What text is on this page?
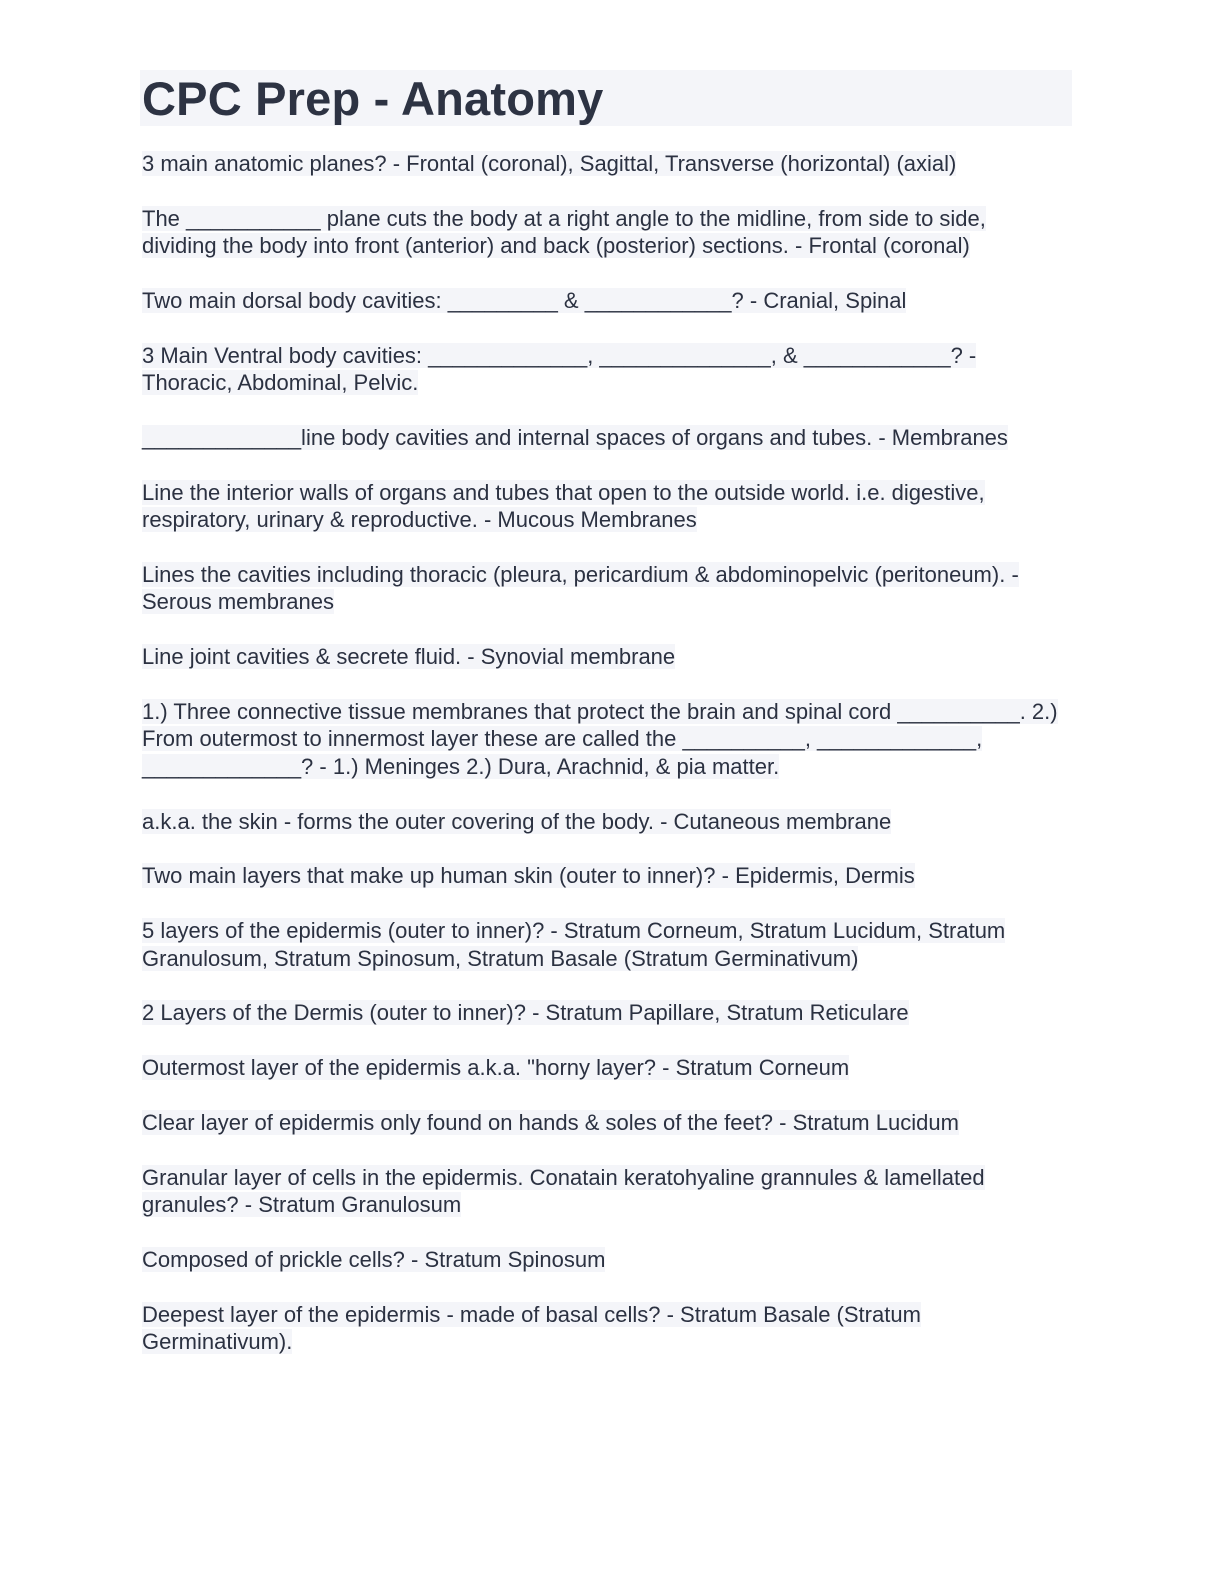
CPC Prep - Anatomy

3 main anatomic planes? - Frontal (coronal), Sagittal, Transverse (horizontal) (axial)

The ___________ plane cuts the body at a right angle to the midline, from side to side, dividing the body into front (anterior) and back (posterior) sections. - Frontal (coronal)

Two main dorsal body cavities: _________ & ____________? - Cranial, Spinal

3 Main Ventral body cavities: _____________, ______________, & ____________? - Thoracic, Abdominal, Pelvic.

_____________line body cavities and internal spaces of organs and tubes. - Membranes

Line the interior walls of organs and tubes that open to the outside world. i.e. digestive, respiratory, urinary & reproductive. - Mucous Membranes

Lines the cavities including thoracic (pleura, pericardium & abdominopelvic (peritoneum). - Serous membranes

Line joint cavities & secrete fluid. - Synovial membrane

1.) Three connective tissue membranes that protect the brain and spinal cord __________. 2.) From outermost to innermost layer these are called the __________, _____________, _____________? - 1.) Meninges 2.) Dura, Arachnid, & pia matter.

a.k.a. the skin - forms the outer covering of the body. - Cutaneous membrane

Two main layers that make up human skin (outer to inner)? - Epidermis, Dermis

5 layers of the epidermis (outer to inner)? - Stratum Corneum, Stratum Lucidum, Stratum Granulosum, Stratum Spinosum, Stratum Basale (Stratum Germinativum)

2 Layers of the Dermis (outer to inner)? - Stratum Papillare, Stratum Reticulare

Outermost layer of the epidermis a.k.a. "horny layer? - Stratum Corneum

Clear layer of epidermis only found on hands & soles of the feet? - Stratum Lucidum

Granular layer of cells in the epidermis. Conatain keratohyaline grannules & lamellated granules? - Stratum Granulosum

Composed of prickle cells? - Stratum Spinosum

Deepest layer of the epidermis - made of basal cells? - Stratum Basale (Stratum Germinativum).
